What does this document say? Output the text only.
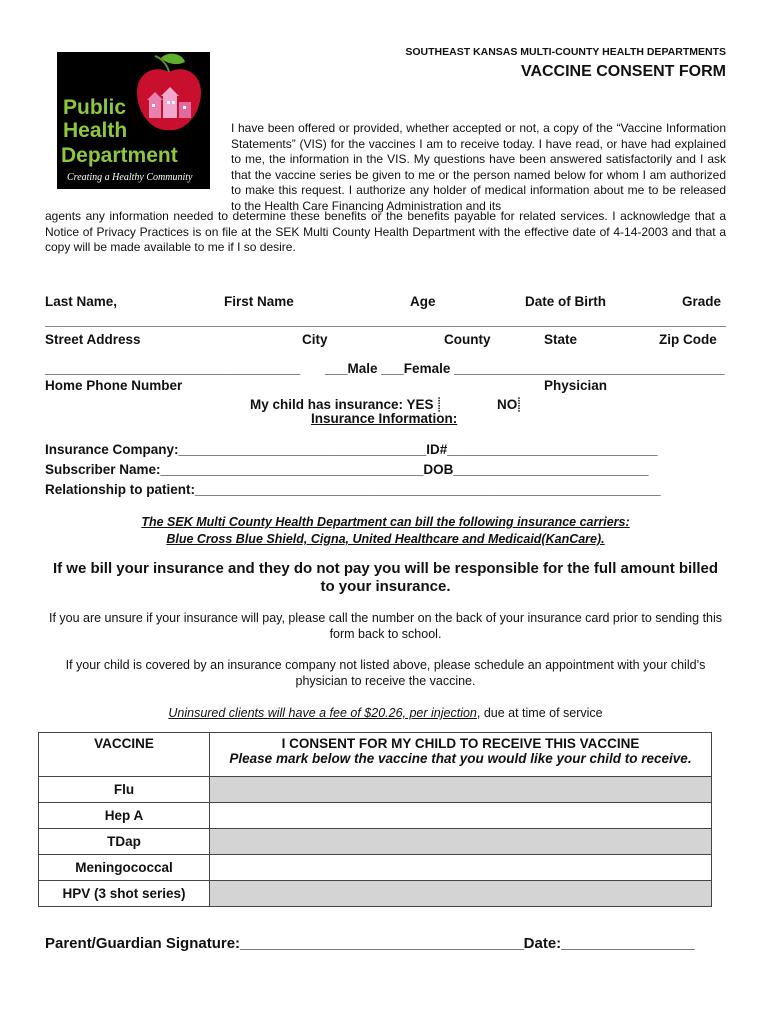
SOUTHEAST KANSAS MULTI-COUNTY HEALTH DEPARTMENTS
VACCINE CONSENT FORM
Public
Health
Department
Creating a Healthy Community
I have been offered or provided, whether accepted or not, a copy of the “Vaccine Information Statements” (VIS) for the vaccines I am to receive today. I have read, or have had explained to me, the information in the VIS. My questions have been answered satisfactorily and I ask that the vaccine series be given to me or the person named below for whom I am authorized to make this request. I authorize any holder of medical information about me to be released to the Health Care Financing Administration and its
agents any information needed to determine these benefits or the benefits payable for related services. I acknowledge that a Notice of Privacy Practices is on file at the SEK Multi County Health Department with the effective date of 4-14-2003 and that a copy will be made available to me if I so desire.
Last Name,	First Name	Age	Date of Birth	Grade
Street Address	City	County	State	Zip Code
__________________________________ ___Male ___Female ____________________________________
Home Phone Number	Physician
My child has insurance: YES ⸽	NO⸽
Insurance Information:
Insurance Company:_________________________________ID#____________________________
Subscriber Name:___________________________________DOB__________________________
Relationship to patient:______________________________________________________________
The SEK Multi County Health Department can bill the following insurance carriers:
Blue Cross Blue Shield, Cigna, United Healthcare and Medicaid(KanCare).
If we bill your insurance and they do not pay you will be responsible for the full amount billed to your insurance.
If you are unsure if your insurance will pay, please call the number on the back of your insurance card prior to sending this form back to school.
If your child is covered by an insurance company not listed above, please schedule an appointment with your child’s physician to receive the vaccine.
Uninsured clients will have a fee of $20.26, per injection, due at time of service
VACCINE	I CONSENT FOR MY CHILD TO RECEIVE THIS VACCINE
Please mark below the vaccine that you would like your child to receive.

Flu	
Hep A	
TDap	
Meningococcal	
HPV (3 shot series)	
Parent/Guardian Signature:__________________________________Date:________________
